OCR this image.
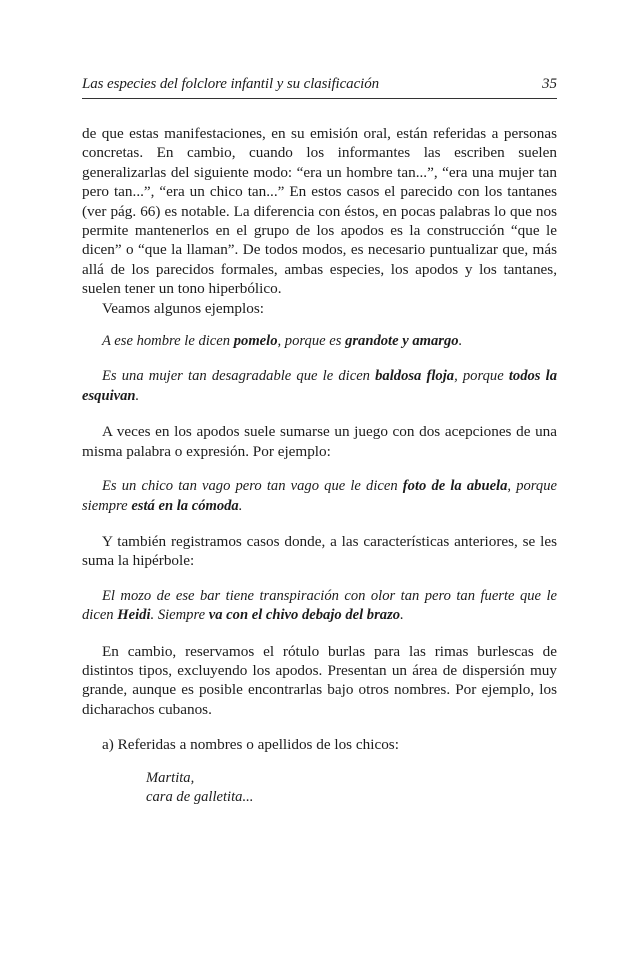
Las especies del folclore infantil y su clasificación	35

de que estas manifestaciones, en su emisión oral, están referidas a personas concretas. En cambio, cuando los informantes las escriben suelen generalizarlas del siguiente modo: “era un hombre tan...”, “era una mujer tan pero tan...”, “era un chico tan...” En estos casos el parecido con los tantanes (ver pág. 66) es notable. La diferencia con éstos, en pocas palabras lo que nos permite mantenerlos en el grupo de los apodos es la construcción “que le dicen” o “que la llaman”. De todos modos, es necesario puntualizar que, más allá de los parecidos formales, ambas especies, los apodos y los tantanes, suelen tener un tono hiperbólico.

Veamos algunos ejemplos:

A ese hombre le dicen pomelo, porque es grandote y amargo.

Es una mujer tan desagradable que le dicen baldosa floja, porque todos la esquivan.

A veces en los apodos suele sumarse un juego con dos acepciones de una misma palabra o expresión. Por ejemplo:

Es un chico tan vago pero tan vago que le dicen foto de la abuela, porque siempre está en la cómoda.

Y también registramos casos donde, a las características anteriores, se les suma la hipérbole:

El mozo de ese bar tiene transpiración con olor tan pero tan fuerte que le dicen Heidi. Siempre va con el chivo debajo del brazo.

En cambio, reservamos el rótulo burlas para las rimas burlescas de distintos tipos, excluyendo los apodos. Presentan un área de dispersión muy grande, aunque es posible encontrarlas bajo otros nombres. Por ejemplo, los dicharachos cubanos.

a) Referidas a nombres o apellidos de los chicos:

Martita,

cara de galletita...
